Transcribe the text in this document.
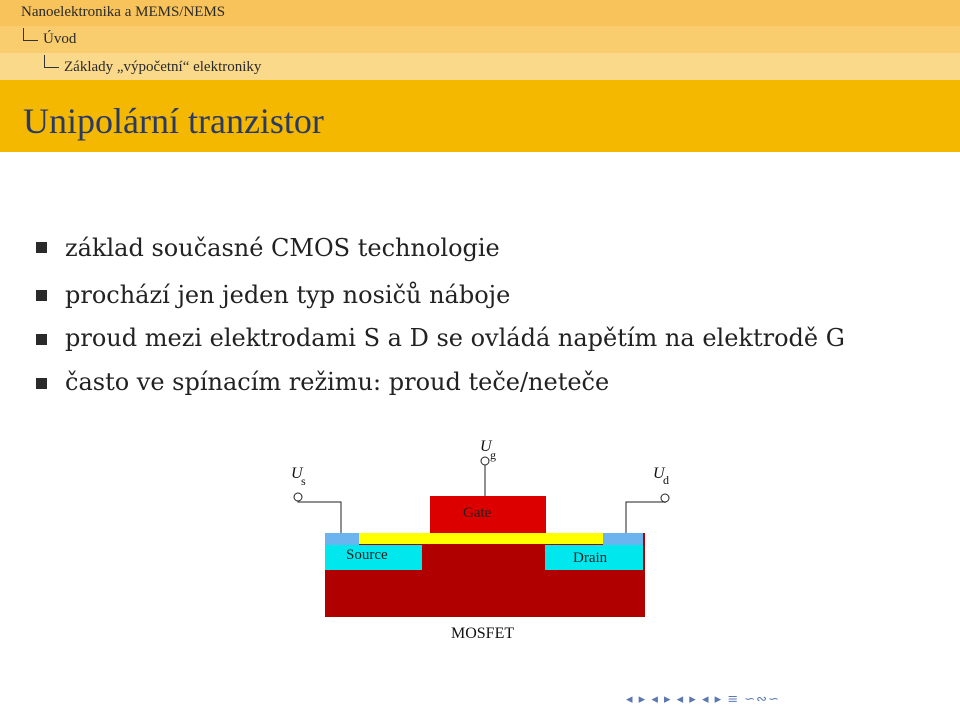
Nanoelektronika a MEMS/NEMS
Úvod
Základy „výpočetní“ elektroniky
Unipolární tranzistor
základ současné CMOS technologie
prochází jen jeden typ nosičů náboje
proud mezi elektrodami S a D se ovládá napětím na elektrodě G
často ve spínacím režimu: proud teče/neteče
U
s
U
g
U
d
Gate
Source	Drain
MOSFET
◂ ▸ ◂ ▸ ◂ ▸ ◂ ▸ ≡ ∽∾∽
